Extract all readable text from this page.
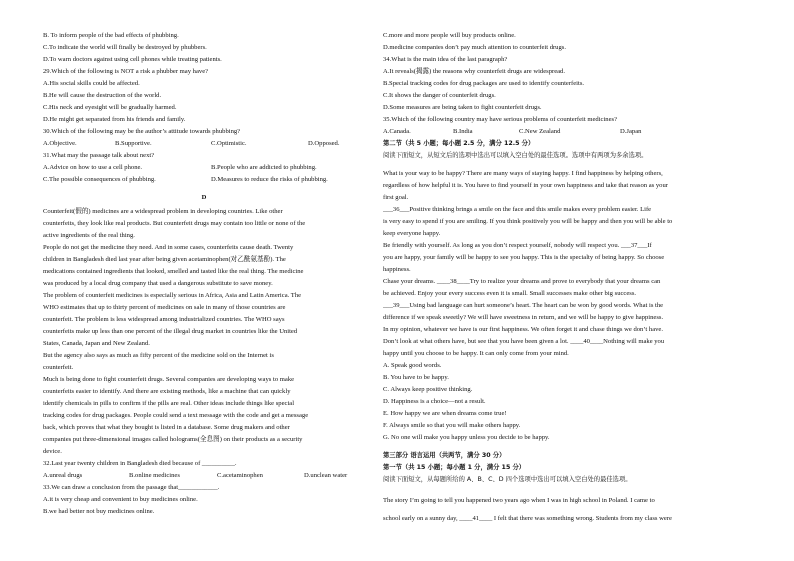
B. To inform people of the bad effects of phubbing.
C.To indicate the world will finally be destroyed by phubbers.
D.To warn doctors against using cell phones while treating patients.
29.Which of the following is NOT a risk a phubber may have?
A.His social skills could be affected.
B.He will cause the destruction of the world.
C.His neck and eyesight will be gradually harmed.
D.He might get separated from his friends and family.
30.Which of the following may be the author’s attitude towards phubbing?
A.Objective.	B.Supportive.	C.Optimistic.	D.Opposed.
31.What may the passage talk about next?
A.Advice on how to use a cell phone.	B.People who are addicted to phubbing.
C.The possible consequences of phubbing.	D.Measures to reduce the risks of phubbing.
D
Counterfeit(假的) medicines are a widespread problem in developing countries. Like other
counterfeits, they look like real products. But counterfeit drugs may contain too little or none of the
active ingredients of the real thing.
People do not get the medicine they need. And in some cases, counterfeits cause death. Twenty
children in Bangladesh died last year after being given acetaminophen(对乙酰氨基酚). The
medications contained ingredients that looked, smelled and tasted like the real thing. The medicine
was produced by a local drug company that used a dangerous substitute to save money.
The problem of counterfeit medicines is especially serious in Africa, Asia and Latin America. The
WHO estimates that up to thirty percent of medicines on sale in many of those countries are
counterfeit. The problem is less widespread among industrialized countries. The WHO says
counterfeits make up less than one percent of the illegal drug market in countries like the United
States, Canada, Japan and New Zealand.
But the agency also says as much as fifty percent of the medicine sold on the Internet is
counterfeit.
Much is being done to fight counterfeit drugs. Several companies are developing ways to make
counterfeits easier to identify. And there are existing methods, like a machine that can quickly
identify chemicals in pills to confirm if the pills are real. Other ideas include things like special
tracking codes for drug packages. People could send a text message with the code and get a message
back, which proves that what they bought is listed in a database. Some drug makers and other
companies put three-dimensional images called holograms(全息图) on their products as a security
device.
32.Last year twenty children in Bangladesh died because of __________.
A.unreal drugs	B.online medicines	C.acetaminophen	D.unclean water
33.We can draw a conclusion from the passage that____________.
A.it is very cheap and convenient to buy medicines online.
B.we had better not buy medicines online.
C.more and more people will buy products online.
D.medicine companies don’t pay much attention to counterfeit drugs.
34.What is the main idea of the last paragraph?
A.It reveals(揭露) the reasons why counterfeit drugs are widespread.
B.Special tracking codes for drug packages are used to identify counterfeits.
C.It shows the danger of counterfeit drugs.
D.Some measures are being taken to fight counterfeit drugs.
35.Which of the following country may have serious problems of counterfeit medicines?
A.Canada.	B.India	C.New Zealand	D.Japan
第二节（共 5 小题；每小题 2.5 分，满分 12.5 分）
阅读下面短文，从短文后的选项中选出可以填入空白处的最佳选项。选项中有两项为多余选项。
What is your way to be happy? There are many ways of staying happy. I find happiness by helping others,
regardless of how helpful it is. You have to find yourself in your own happiness and take that reason as your
first goal.
___36___Positive thinking brings a smile on the face and this smile makes every problem easier. Life
is very easy to spend if you are smiling. If you think positively you will be happy and then you will be able to
keep everyone happy.
Be friendly with yourself. As long as you don’t respect yourself, nobody will respect you. ___37___If
you are happy, your family will be happy to see you happy. This is the specialty of being happy. So choose
happiness.
Chase your dreams. ____38____Try to realize your dreams and prove to everybody that your dreams can
be achieved. Enjoy your every success even it is small. Small successes make other big success.
___39___Using bad language can hurt someone’s heart. The heart can be won by good words. What is the
difference if we speak sweetly? We will have sweetness in return, and we will be happy to give happiness.
In my opinion, whatever we have is our first happiness. We often forget it and chase things we don’t have.
Don’t look at what others have, but see that you have been given a lot. ____40____Nothing will make you
happy until you choose to be happy. It can only come from your mind.
A. Speak good words.
B. You have to be happy.
C. Always keep positive thinking.
D. Happiness is a choice—not a result.
E. How happy we are when dreams come true!
F. Always smile so that you will make others happy.
G. No one will make you happy unless you decide to be happy.
第三部分 语言运用（共两节，满分 30 分）
第一节（共 15 小题；每小题 1 分，满分 15 分）
阅读下面短文，从每题所给的 A、B、C、D 四个选项中选出可以填入空白处的最佳选项。
The story I’m going to tell you happened two years ago when I was in high school in Poland. I came to
school early on a sunny day, ____41____ I felt that there was something wrong. Students from my class were
